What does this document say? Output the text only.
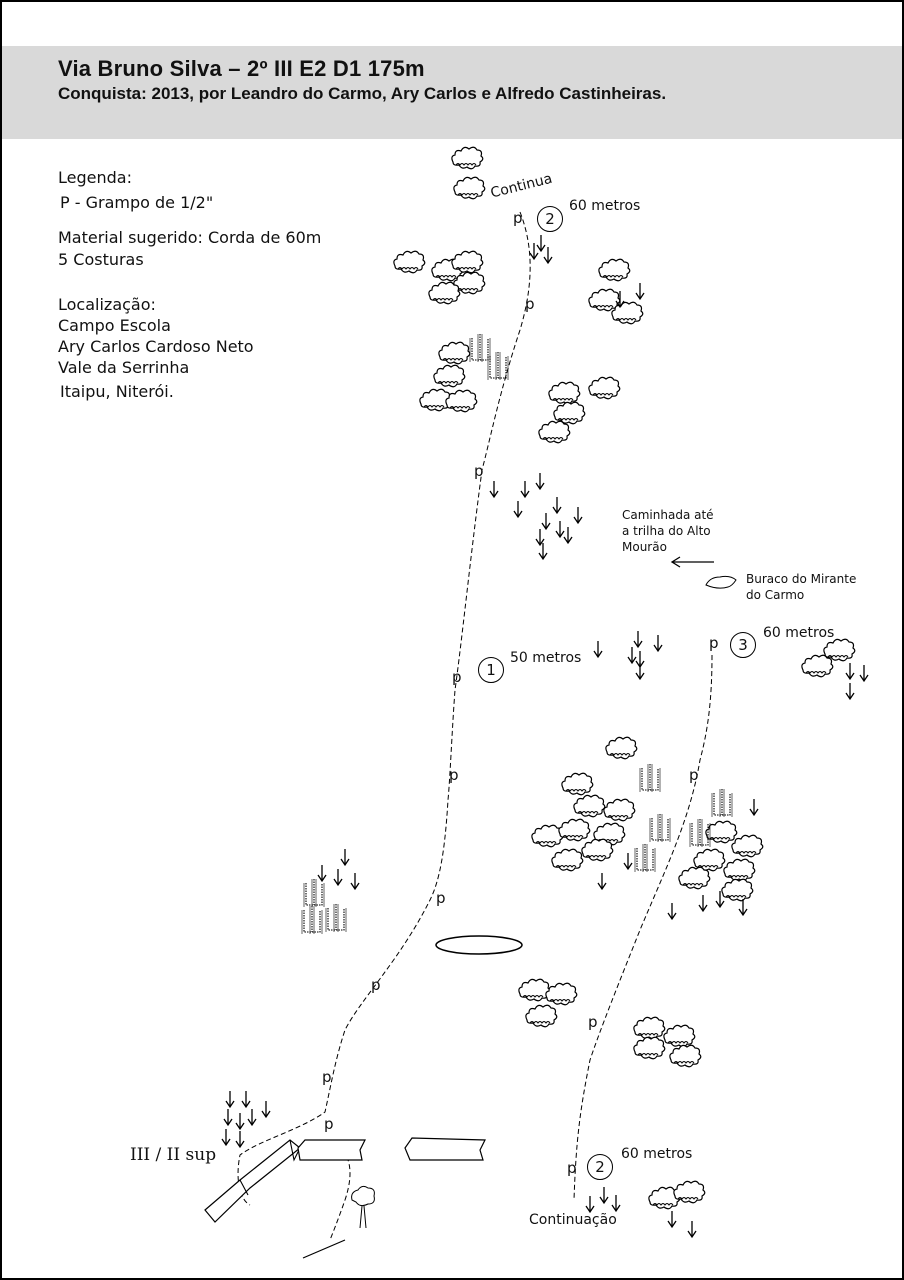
Via Bruno Silva – 2º III E2 D1 175m
Conquista: 2013, por Leandro do Carmo, Ary Carlos e Alfredo Castinheiras.
Legenda:
P - Grampo de 1/2"
Material sugerido: Corda de 60m
5 Costuras
Localização:
Campo Escola
Ary Carlos Cardoso Neto
Vale da Serrinha
Itaipu, Niterói.
p
p
p
p
p
p
p
p
p
p
p
p
p
1
50 metros
2
60 metros
3
60 metros
2
60 metros
Continua
Continuação
III / II sup
Caminhada até
a trilha do Alto
Mourão
Buraco do Mirante
do Carmo
